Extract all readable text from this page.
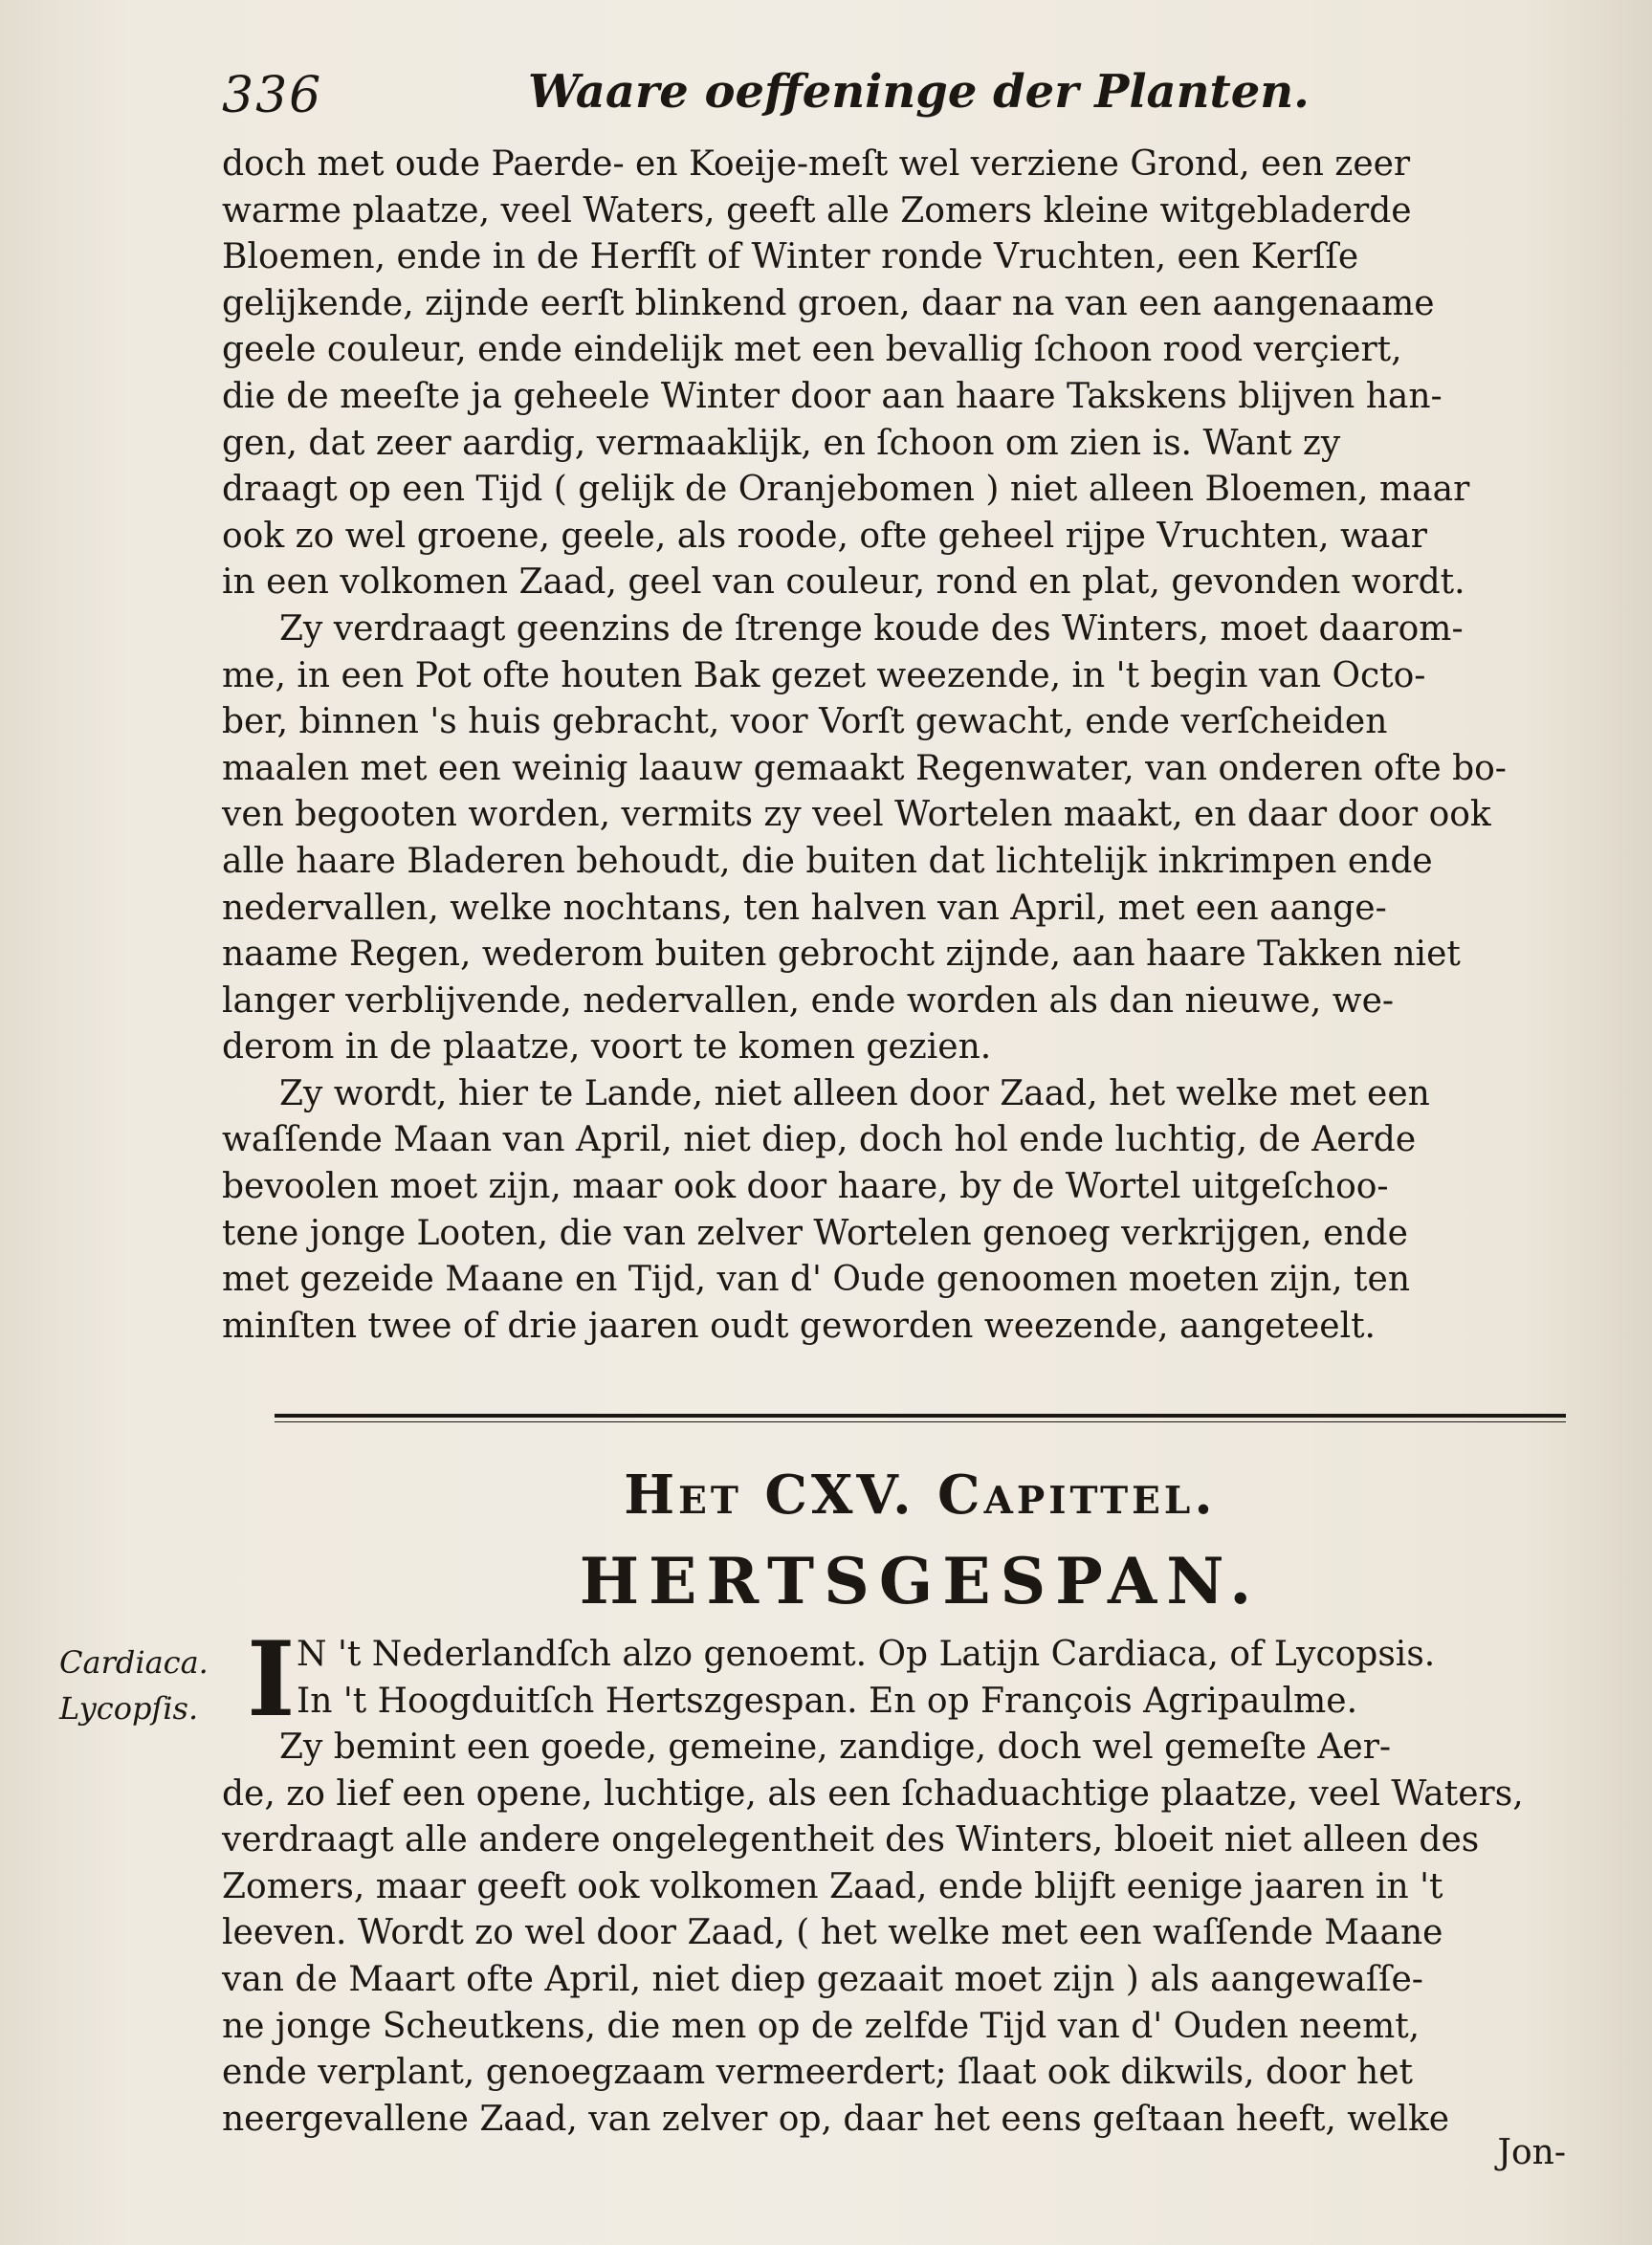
336	Waare oeffeninge der Planten.

doch met oude Paerde- en Koeije-meſt wel verziene Grond, een zeer

warme plaatze, veel Waters, geeft alle Zomers kleine witgebladerde

Bloemen, ende in de Herfſt of Winter ronde Vruchten, een Kerſſe

gelijkende, zijnde eerſt blinkend groen, daar na van een aangenaame

geele couleur, ende eindelijk met een bevallig ſchoon rood verçiert,

die de meeſte ja geheele Winter door aan haare Takskens blijven han-

gen, dat zeer aardig, vermaaklijk, en ſchoon om zien is. Want zy

draagt op een Tijd ( gelijk de Oranjebomen ) niet alleen Bloemen, maar

ook zo wel groene, geele, als roode, ofte geheel rijpe Vruchten, waar

in een volkomen Zaad, geel van couleur, rond en plat, gevonden wordt.

Zy verdraagt geenzins de ſtrenge koude des Winters, moet daarom-

me, in een Pot ofte houten Bak gezet weezende, in 't begin van Octo-

ber, binnen 's huis gebracht, voor Vorſt gewacht, ende verſcheiden

maalen met een weinig laauw gemaakt Regenwater, van onderen ofte bo-

ven begooten worden, vermits zy veel Wortelen maakt, en daar door ook

alle haare Bladeren behoudt, die buiten dat lichtelijk inkrimpen ende

nedervallen, welke nochtans, ten halven van April, met een aange-

naame Regen, wederom buiten gebrocht zijnde, aan haare Takken niet

langer verblijvende, nedervallen, ende worden als dan nieuwe, we-

derom in de plaatze, voort te komen gezien.

Zy wordt, hier te Lande, niet alleen door Zaad, het welke met een

waſſende Maan van April, niet diep, doch hol ende luchtig, de Aerde

bevoolen moet zijn, maar ook door haare, by de Wortel uitgeſchoo-

tene jonge Looten, die van zelver Wortelen genoeg verkrijgen, ende

met gezeide Maane en Tijd, van d' Oude genoomen moeten zijn, ten

minſten twee of drie jaaren oudt geworden weezende, aangeteelt.

Het CXV. Capittel.
HERTSGESPAN.
Cardiaca.
Lycopſis. I N 't Nederlandſch alzo genoemt. Op Latijn Cardiaca, of Lycopsis.

In 't Hoogduitſch Hertszgespan. En op François Agripaulme.

Zy bemint een goede, gemeine, zandige, doch wel gemeſte Aer-

de, zo lief een opene, luchtige, als een ſchaduachtige plaatze, veel Waters,

verdraagt alle andere ongelegentheit des Winters, bloeit niet alleen des

Zomers, maar geeft ook volkomen Zaad, ende blijft eenige jaaren in 't

leeven. Wordt zo wel door Zaad, ( het welke met een waſſende Maane

van de Maart ofte April, niet diep gezaait moet zijn ) als aangewaſſe-

ne jonge Scheutkens, die men op de zelfde Tijd van d' Ouden neemt,

ende verplant, genoegzaam vermeerdert; ſlaat ook dikwils, door het

neergevallene Zaad, van zelver op, daar het eens geſtaan heeft, welke

Jon-
